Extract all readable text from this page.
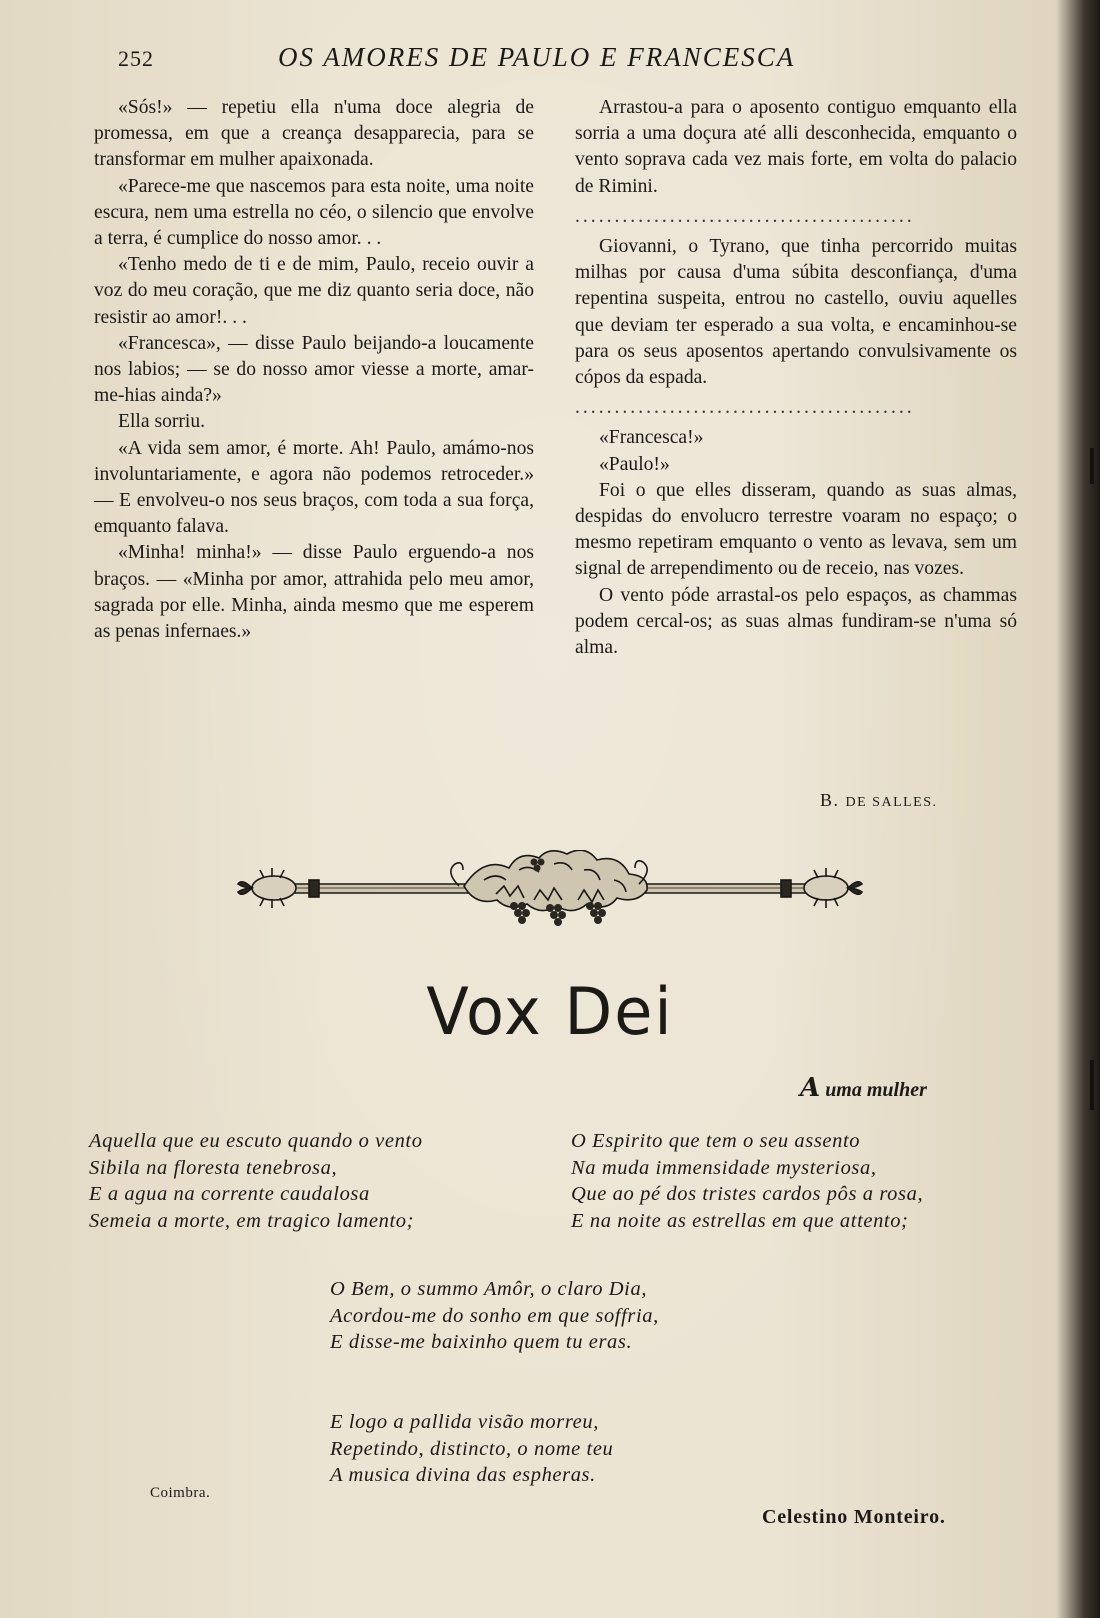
252	OS AMORES DE PAULO E FRANCESCA

«Sós!» — repetiu ella n'uma doce alegria de promessa, em que a creança desapparecia, para se transformar em mulher apaixonada.

«Parece-me que nascemos para esta noite, uma noite escura, nem uma estrella no céo, o silencio que envolve a terra, é cumplice do nosso amor. . .

«Tenho medo de ti e de mim, Paulo, receio ouvir a voz do meu coração, que me diz quanto seria doce, não resistir ao amor!. . .

«Francesca», — disse Paulo beijando-a loucamente nos labios; — se do nosso amor viesse a morte, amar-me-hias ainda?»

Ella sorriu.

«A vida sem amor, é morte. Ah! Paulo, amámo-nos involuntariamente, e agora não podemos retroceder.» — E envolveu-o nos seus braços, com toda a sua força, emquanto falava.

«Minha! minha!» — disse Paulo erguendo-a nos braços. — «Minha por amor, attrahida pelo meu amor, sagrada por elle. Minha, ainda mesmo que me esperem as penas infernaes.»

Arrastou-a para o aposento contiguo emquanto ella sorria a uma doçura até alli desconhecida, emquanto o vento soprava cada vez mais forte, em volta do palacio de Rimini.

...........................................

Giovanni, o Tyrano, que tinha percorrido muitas milhas por causa d'uma súbita desconfiança, d'uma repentina suspeita, entrou no castello, ouviu aquelles que deviam ter esperado a sua volta, e encaminhou-se para os seus aposentos apertando convulsivamente os cópos da espada.

...........................................

«Francesca!»

«Paulo!»

Foi o que elles disseram, quando as suas almas, despidas do envolucro terrestre voaram no espaço; o mesmo repetiram emquanto o vento as levava, sem um signal de arrependimento ou de receio, nas vozes.

O vento póde arrastal-os pelo espaços, as chammas podem cercal-os; as suas almas fundiram-se n'uma só alma.

B. DE SALLES.
Vox Dei
A uma mulher
Aquella que eu escuto quando o vento
Sibila na floresta tenebrosa,
E a agua na corrente caudalosa
Semeia a morte, em tragico lamento;
O Espirito que tem o seu assento
Na muda immensidade mysteriosa,
Que ao pé dos tristes cardos pôs a rosa,
E na noite as estrellas em que attento;
O Bem, o summo Amôr, o claro Dia,
Acordou-me do sonho em que soffria,
E disse-me baixinho quem tu eras.
E logo a pallida visão morreu,
Repetindo, distincto, o nome teu
A musica divina das espheras.
Coimbra.
Celestino Monteiro.
